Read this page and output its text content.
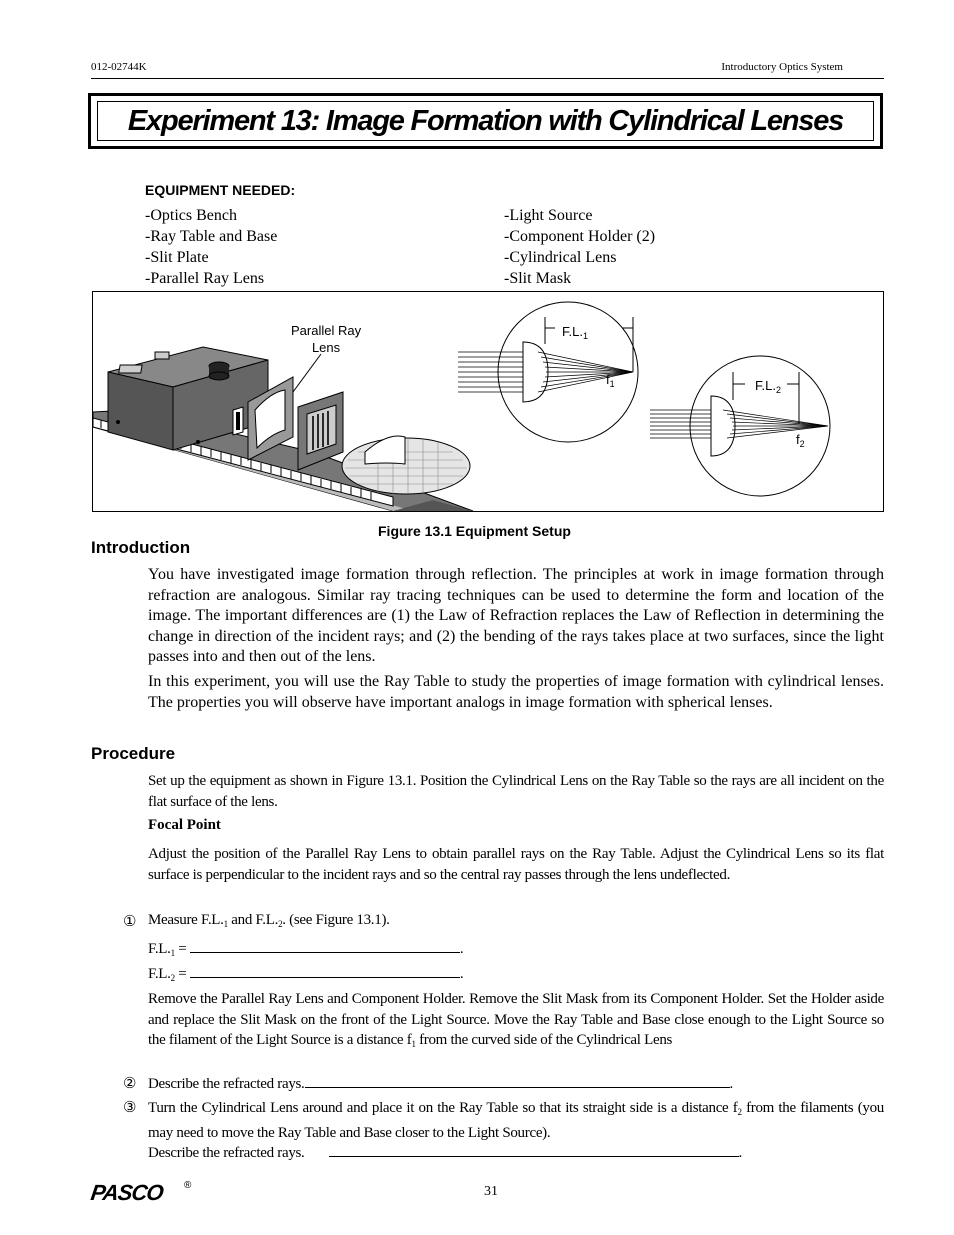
012-02744K	Introductory Optics System
Experiment 13: Image Formation with Cylindrical Lenses
EQUIPMENT NEEDED:
-Optics Bench
-Ray Table and Base
-Slit Plate
-Parallel Ray Lens
-Light Source
-Component Holder (2)
-Cylindrical Lens
-Slit Mask
Parallel Ray
Lens
$F.L._1$
$f_1$	$F.L._2$
$f_2$
Figure 13.1 Equipment Setup
Introduction

You have investigated image formation through reflection. The principles at work in image formation through refraction are analogous. Similar ray tracing techniques can be used to determine the form and location of the image. The important differences are (1) the Law of Refraction replaces the Law of Reflection in determining the change in direction of the incident rays; and (2) the bending of the rays takes place at two surfaces, since the light passes into and then out of the lens.

In this experiment, you will use the Ray Table to study the properties of image formation with cylindrical lenses. The properties you will observe have important analogs in image formation with spherical lenses.

Procedure

Set up the equipment as shown in Figure 13.1. Position the Cylindrical Lens on the Ray Table so the rays are all incident on the flat surface of the lens.

Focal Point

Adjust the position of the Parallel Ray Lens to obtain parallel rays on the Ray Table. Adjust the Cylindrical Lens so its flat surface is perpendicular to the incident rays and so the central ray passes through the lens undeflected.

① Measure $F.L._1$ and $F.L._2$. (see Figure 13.1).
$F.L._1$ =	.
$F.L._2$ =	.

Remove the Parallel Ray Lens and Component Holder. Remove the Slit Mask from its Component Holder. Set the Holder aside and replace the Slit Mask on the front of the Light Source. Move the Ray Table and Base close enough to the Light Source so the filament of the Light Source is a distance $f_1$ from the curved side of the Cylindrical Lens

② Describe the refracted rays.	.
③ Turn the Cylindrical Lens around and place it on the Ray Table so that its straight side is a distance $f_2$ from the filaments (you may need to move the Ray Table and Base closer to the Light Source).

Describe the refracted rays.	.
PASCO ®	31
